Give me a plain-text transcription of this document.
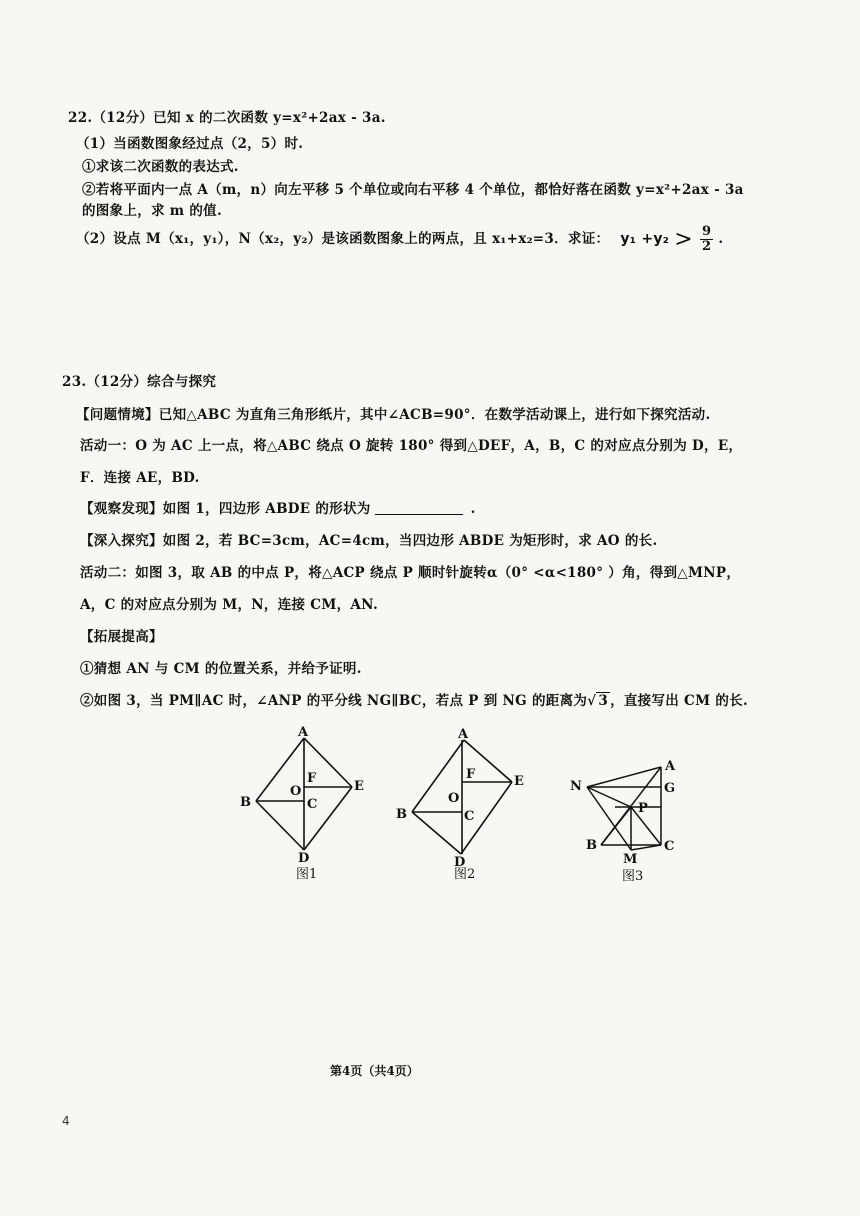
22.（12分）已知 x 的二次函数 y=x²+2ax - 3a.
（1）当函数图象经过点（2，5）时.
①求该二次函数的表达式.
②若将平面内一点 A（m，n）向左平移 5 个单位或向右平移 4 个单位，都恰好落在函数 y=x²+2ax - 3a
的图象上，求 m 的值.
（2）设点 M（x₁，y₁），N（x₂，y₂）是该函数图象上的两点，且 x₁+x₂=3．求证： $y_1 +y_2 > \frac{9}{2}$ .
23.（12分）综合与探究
【问题情境】已知△ABC 为直角三角形纸片，其中∠ACB=90°．在数学活动课上，进行如下探究活动.
活动一：O 为 AC 上一点，将△ABC 绕点 O 旋转 180° 得到△DEF，A，B，C 的对应点分别为 D，E，
F．连接 AE，BD.
【观察发现】如图 1，四边形 ABDE 的形状为	.
【深入探究】如图 2，若 BC=3cm，AC=4cm，当四边形 ABDE 为矩形时，求 AO 的长.
活动二：如图 3，取 AB 的中点 P，将△ACP 绕点 P 顺时针旋转α（0° <α<180° ）角，得到△MNP，
A，C 的对应点分别为 M，N，连接 CM，AN.
【拓展提高】
①猜想 AN 与 CM 的位置关系，并给予证明.
②如图 3，当 PM∥AC 时，∠ANP 的平分线 NG∥BC，若点 P 到 NG 的距离为√ 3 ，直接写出 CM 的长.
A
B	C
D
E
F
O
图1
A
B	C
D
E
F
O
图2
A
B	C
G
M
N
P
图3
第4页（共4页）
4
